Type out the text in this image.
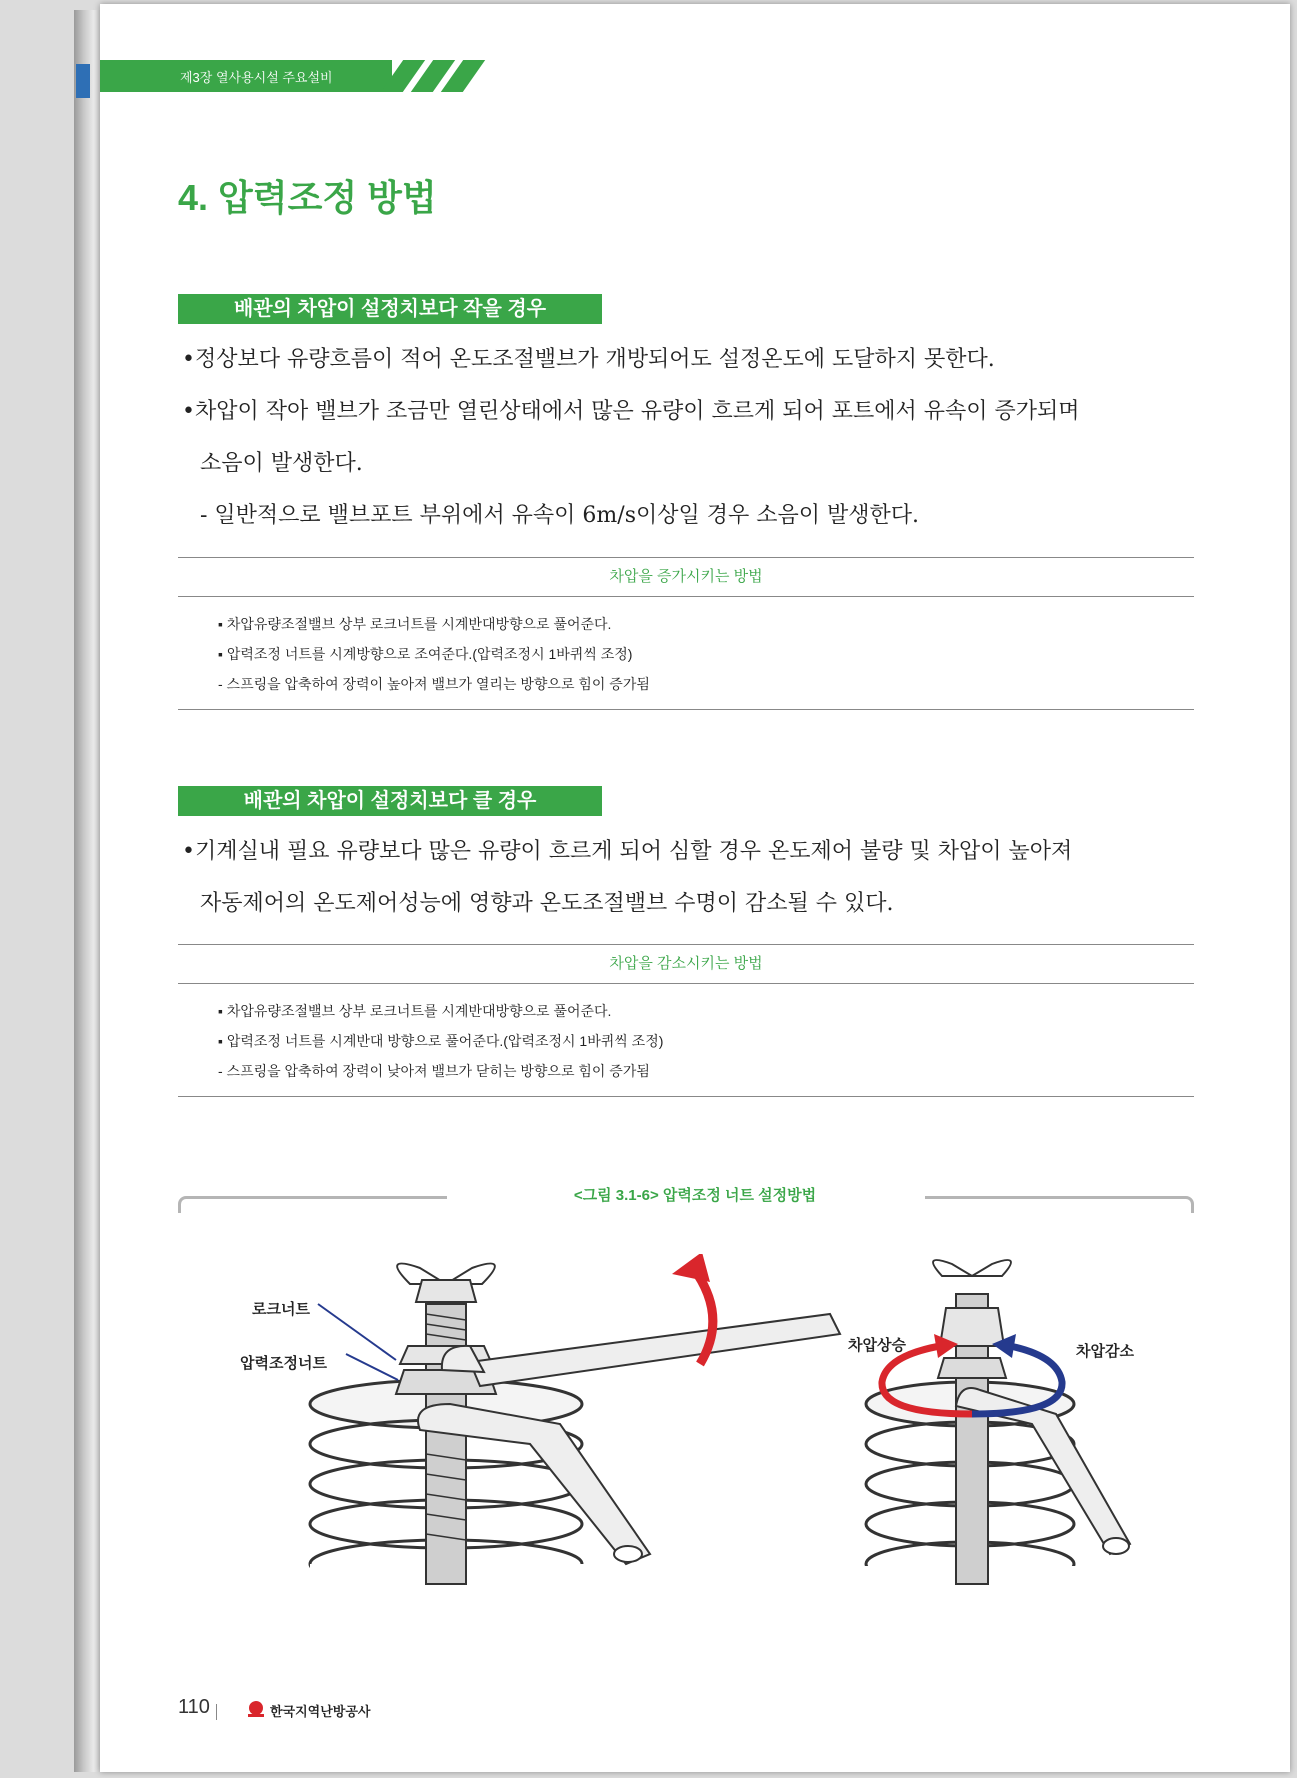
제3장 열사용시설 주요설비
4. 압력조정 방법
배관의 차압이 설정치보다 작을 경우

•정상보다 유량흐름이 적어 온도조절밸브가 개방되어도 설정온도에 도달하지 못한다.

•차압이 작아 밸브가 조금만 열린상태에서 많은 유량이 흐르게 되어 포트에서 유속이 증가되며

소음이 발생한다.

- 일반적으로 밸브포트 부위에서 유속이 6m/s이상일 경우 소음이 발생한다.

차압을 증가시키는 방법
▪ 차압유량조절밸브 상부 로크너트를 시계반대방향으로 풀어준다.
▪ 압력조정 너트를 시계방향으로 조여준다.(압력조정시 1바퀴씩 조정)
- 스프링을 압축하여 장력이 높아져 밸브가 열리는 방향으로 힘이 증가됨
배관의 차압이 설정치보다 클 경우

•기계실내 필요 유량보다 많은 유량이 흐르게 되어 심할 경우 온도제어 불량 및 차압이 높아져

자동제어의 온도제어성능에 영향과 온도조절밸브 수명이 감소될 수 있다.

차압을 감소시키는 방법
▪ 차압유량조절밸브 상부 로크너트를 시계반대방향으로 풀어준다.
▪ 압력조정 너트를 시계반대 방향으로 풀어준다.(압력조정시 1바퀴씩 조정)
- 스프링을 압축하여 장력이 낮아져 밸브가 닫히는 방향으로 힘이 증가됨
<그림 3.1-6> 압력조정 너트 설정방법
로크너트
압력조정너트
차압상승	차압감소
110	한국지역난방공사
